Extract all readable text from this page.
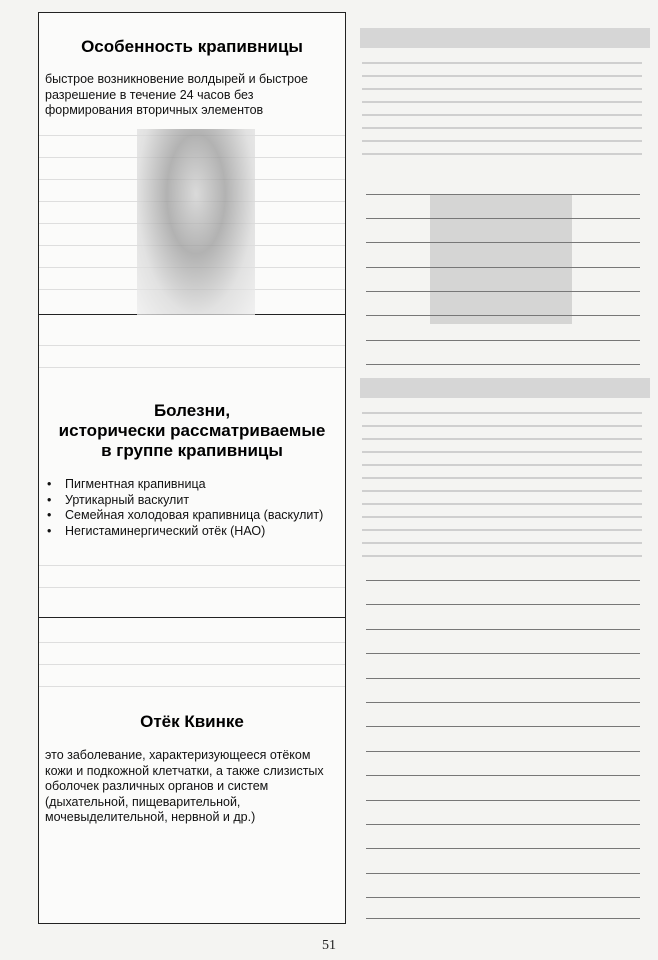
Особенность крапивницы
быстрое возникновение волдырей и быстрое разрешение в течение 24 часов без формирования вторичных элементов
Болезни,
исторически рассматриваемые
в группе крапивницы
• Пигментная крапивница
• Уртикарный васкулит
• Семейная холодовая крапивница (васкулит)
• Негистаминергический отёк (НАО)
Отёк Квинке
это заболевание, характеризующееся отёком кожи и подкожной клетчатки, а также слизистых оболочек различных органов и систем (дыхательной, пищеварительной, мочевыделительной, нервной и др.)
51
